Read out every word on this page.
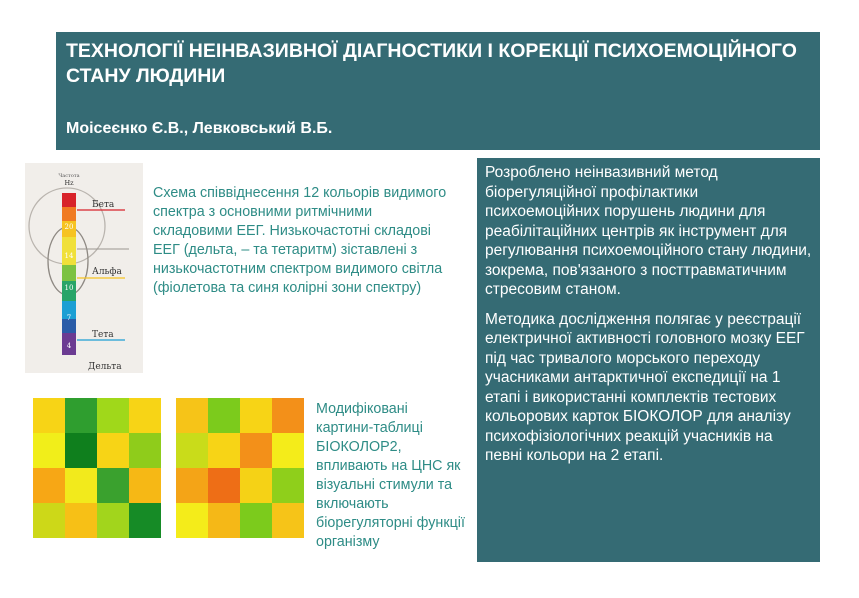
ТЕХНОЛОГІЇ НЕІНВАЗИВНОЇ ДІАГНОСТИКИ І КОРЕКЦІЇ ПСИХОЕМОЦІЙНОГО СТАНУ ЛЮДИНИ

Моісеєнко Є.В., Левковський В.Б.

Частота
Hz
20
14
10
7
4
Бета
Альфа
Тета
Дельта

Схема співвіднесення 12 кольорів видимого спектра з основними ритмічними складовими ЕЕГ. Низькочастотні складові ЕЕГ (дельта, – та тетаритм) зіставлені з низькочастотним спектром видимого світла (фіолетова та синя колірні зони спектру)

Модифіковані картини-таблиці БІОКОЛОР2, впливають на ЦНС як візуальні стимули та включають біорегуляторні функції організму

Розроблено неінвазивний метод біорегуляційної профілактики психоемоційних порушень людини для реабілітаційних центрів як інструмент для регулювання психоемоційного стану людини, зокрема, пов'язаного з посттравматичним стресовим станом.

Методика дослідження полягає у реєстрації електричної активності головного мозку ЕЕГ під час тривалого морського переходу учасниками антарктичної експедиції на 1 етапі і використанні комплектів тестових кольорових карток БІОКОЛОР для аналізу психофізіологічних реакцій учасників на певні кольори на 2 етапі.
